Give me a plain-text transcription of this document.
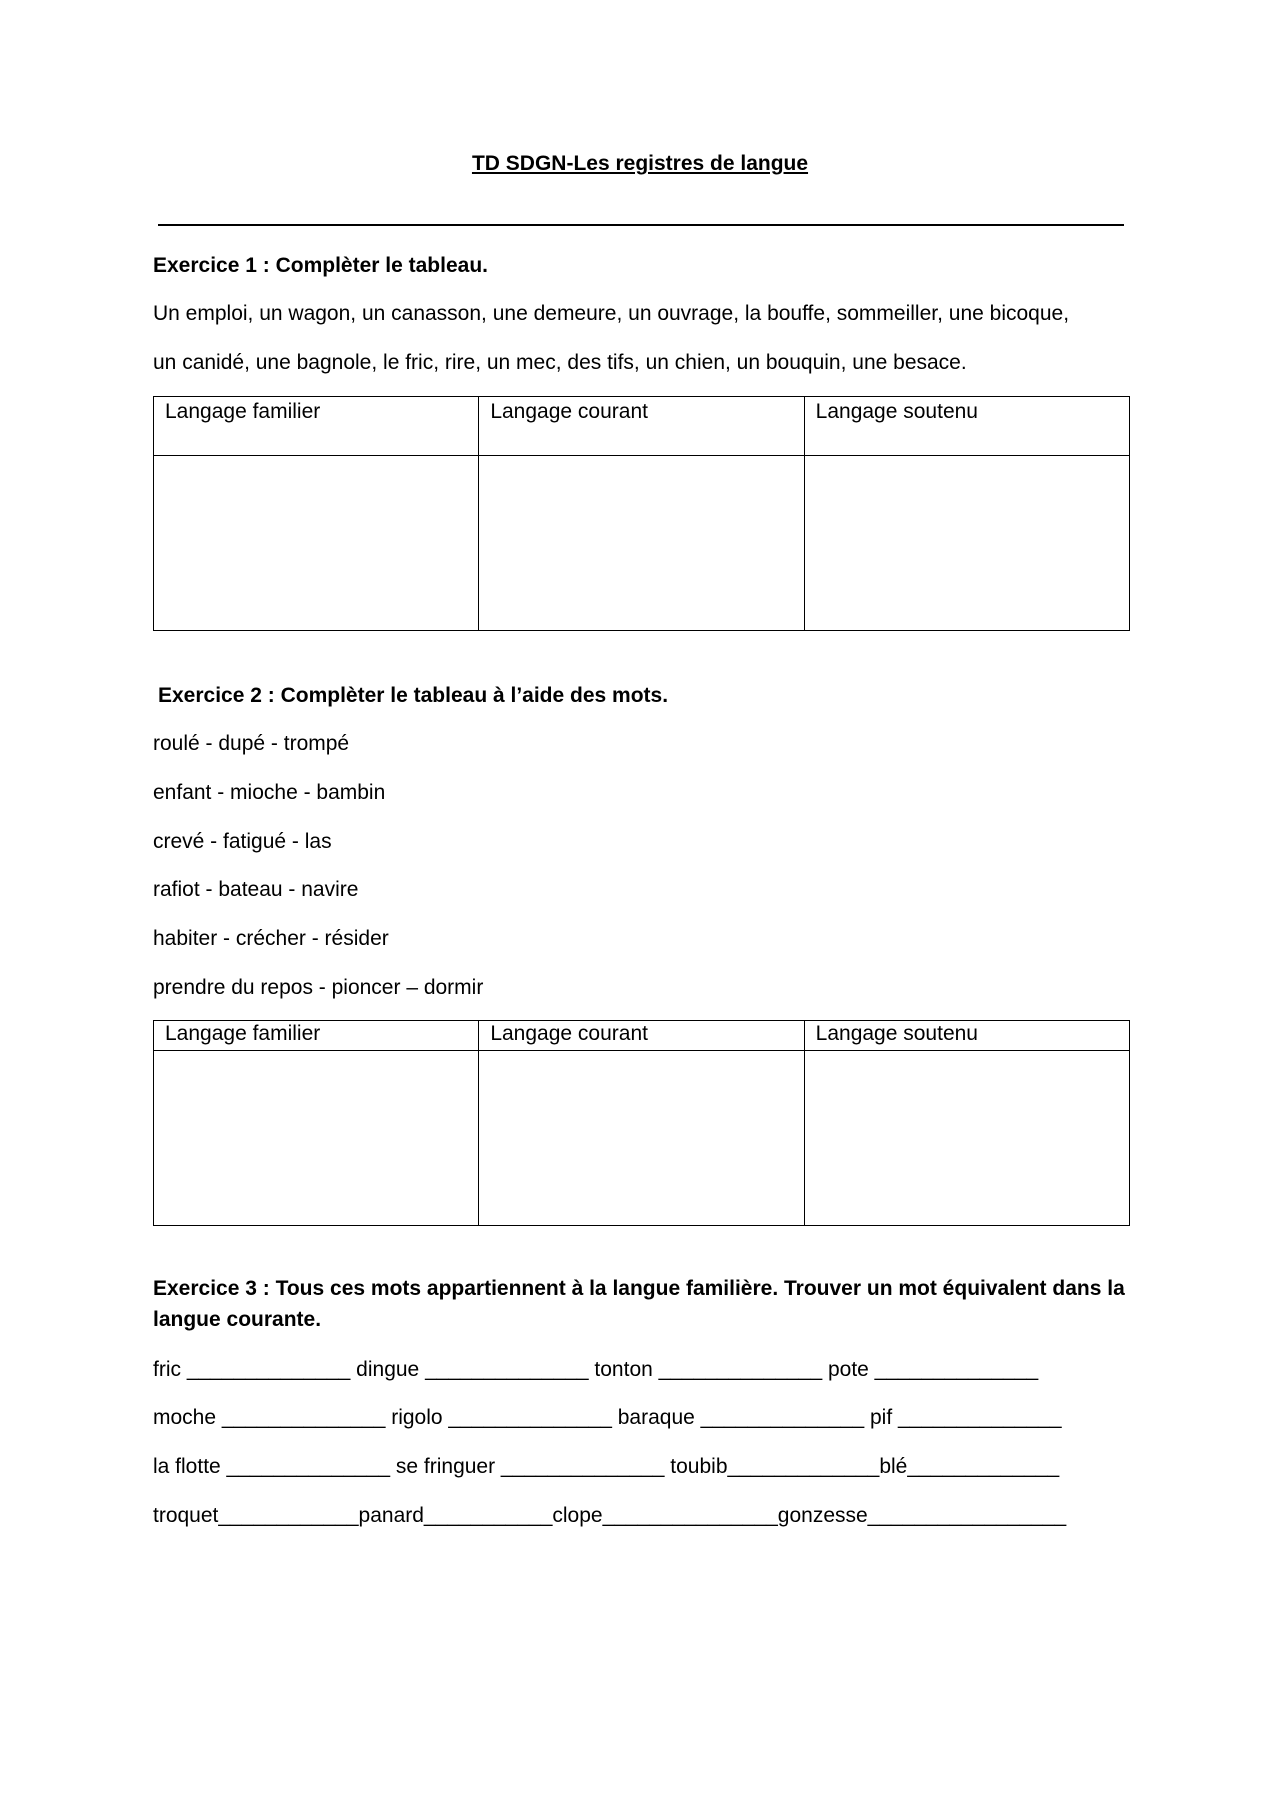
TD SDGN-Les registres de langue
Exercice 1 : Complèter le tableau.
Un emploi, un wagon, un canasson, une demeure, un ouvrage, la bouffe, sommeiller, une bicoque,
un canidé, une bagnole, le fric, rire, un mec, des tifs, un chien, un bouquin, une besace.
Langage familier	Langage courant	Langage soutenu

Exercice 2 : Complèter le tableau à l’aide des mots.
roulé - dupé - trompé
enfant - mioche - bambin
crevé - fatigué - las
rafiot - bateau - navire
habiter - crécher - résider
prendre du repos - pioncer – dormir
Langage familier	Langage courant	Langage soutenu

Exercice 3 : Tous ces mots appartiennent à la langue familière. Trouver un mot équivalent dans la langue courante.
fric ______________ dingue ______________ tonton ______________ pote ______________
moche ______________ rigolo ______________ baraque ______________ pif ______________
la flotte ______________ se fringuer ______________ toubib_____________blé_____________
troquet____________panard___________clope_______________gonzesse_________________
